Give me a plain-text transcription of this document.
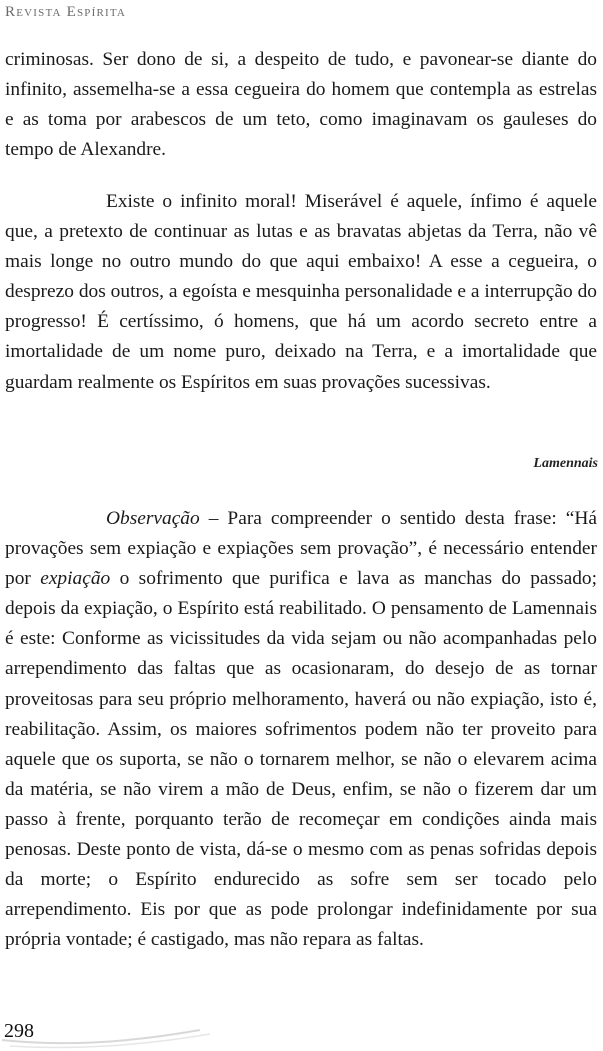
Revista Espírita

criminosas. Ser dono de si, a despeito de tudo, e pavonear-se diante do infinito, assemelha-se a essa cegueira do homem que contempla as estrelas e as toma por arabescos de um teto, como imaginavam os gauleses do tempo de Alexandre.

Existe o infinito moral! Miserável é aquele, ínfimo é aquele que, a pretexto de continuar as lutas e as bravatas abjetas da Terra, não vê mais longe no outro mundo do que aqui embaixo! A esse a cegueira, o desprezo dos outros, a egoísta e mesquinha personalidade e a interrupção do progresso! É certíssimo, ó homens, que há um acordo secreto entre a imortalidade de um nome puro, deixado na Terra, e a imortalidade que guardam realmente os Espíritos em suas provações sucessivas.

Lamennais

Observação – Para compreender o sentido desta frase: “Há provações sem expiação e expiações sem provação”, é necessário entender por expiação o sofrimento que purifica e lava as manchas do passado; depois da expiação, o Espírito está reabilitado. O pensamento de Lamennais é este: Conforme as vicissitudes da vida sejam ou não acompanhadas pelo arrependimento das faltas que as ocasionaram, do desejo de as tornar proveitosas para seu próprio melhoramento, haverá ou não expiação, isto é, reabilitação. Assim, os maiores sofrimentos podem não ter proveito para aquele que os suporta, se não o tornarem melhor, se não o elevarem acima da matéria, se não virem a mão de Deus, enfim, se não o fizerem dar um passo à frente, porquanto terão de recomeçar em condições ainda mais penosas. Deste ponto de vista, dá-se o mesmo com as penas sofridas depois da morte; o Espírito endurecido as sofre sem ser tocado pelo arrependimento. Eis por que as pode prolongar indefinidamente por sua própria vontade; é castigado, mas não repara as faltas.

298
